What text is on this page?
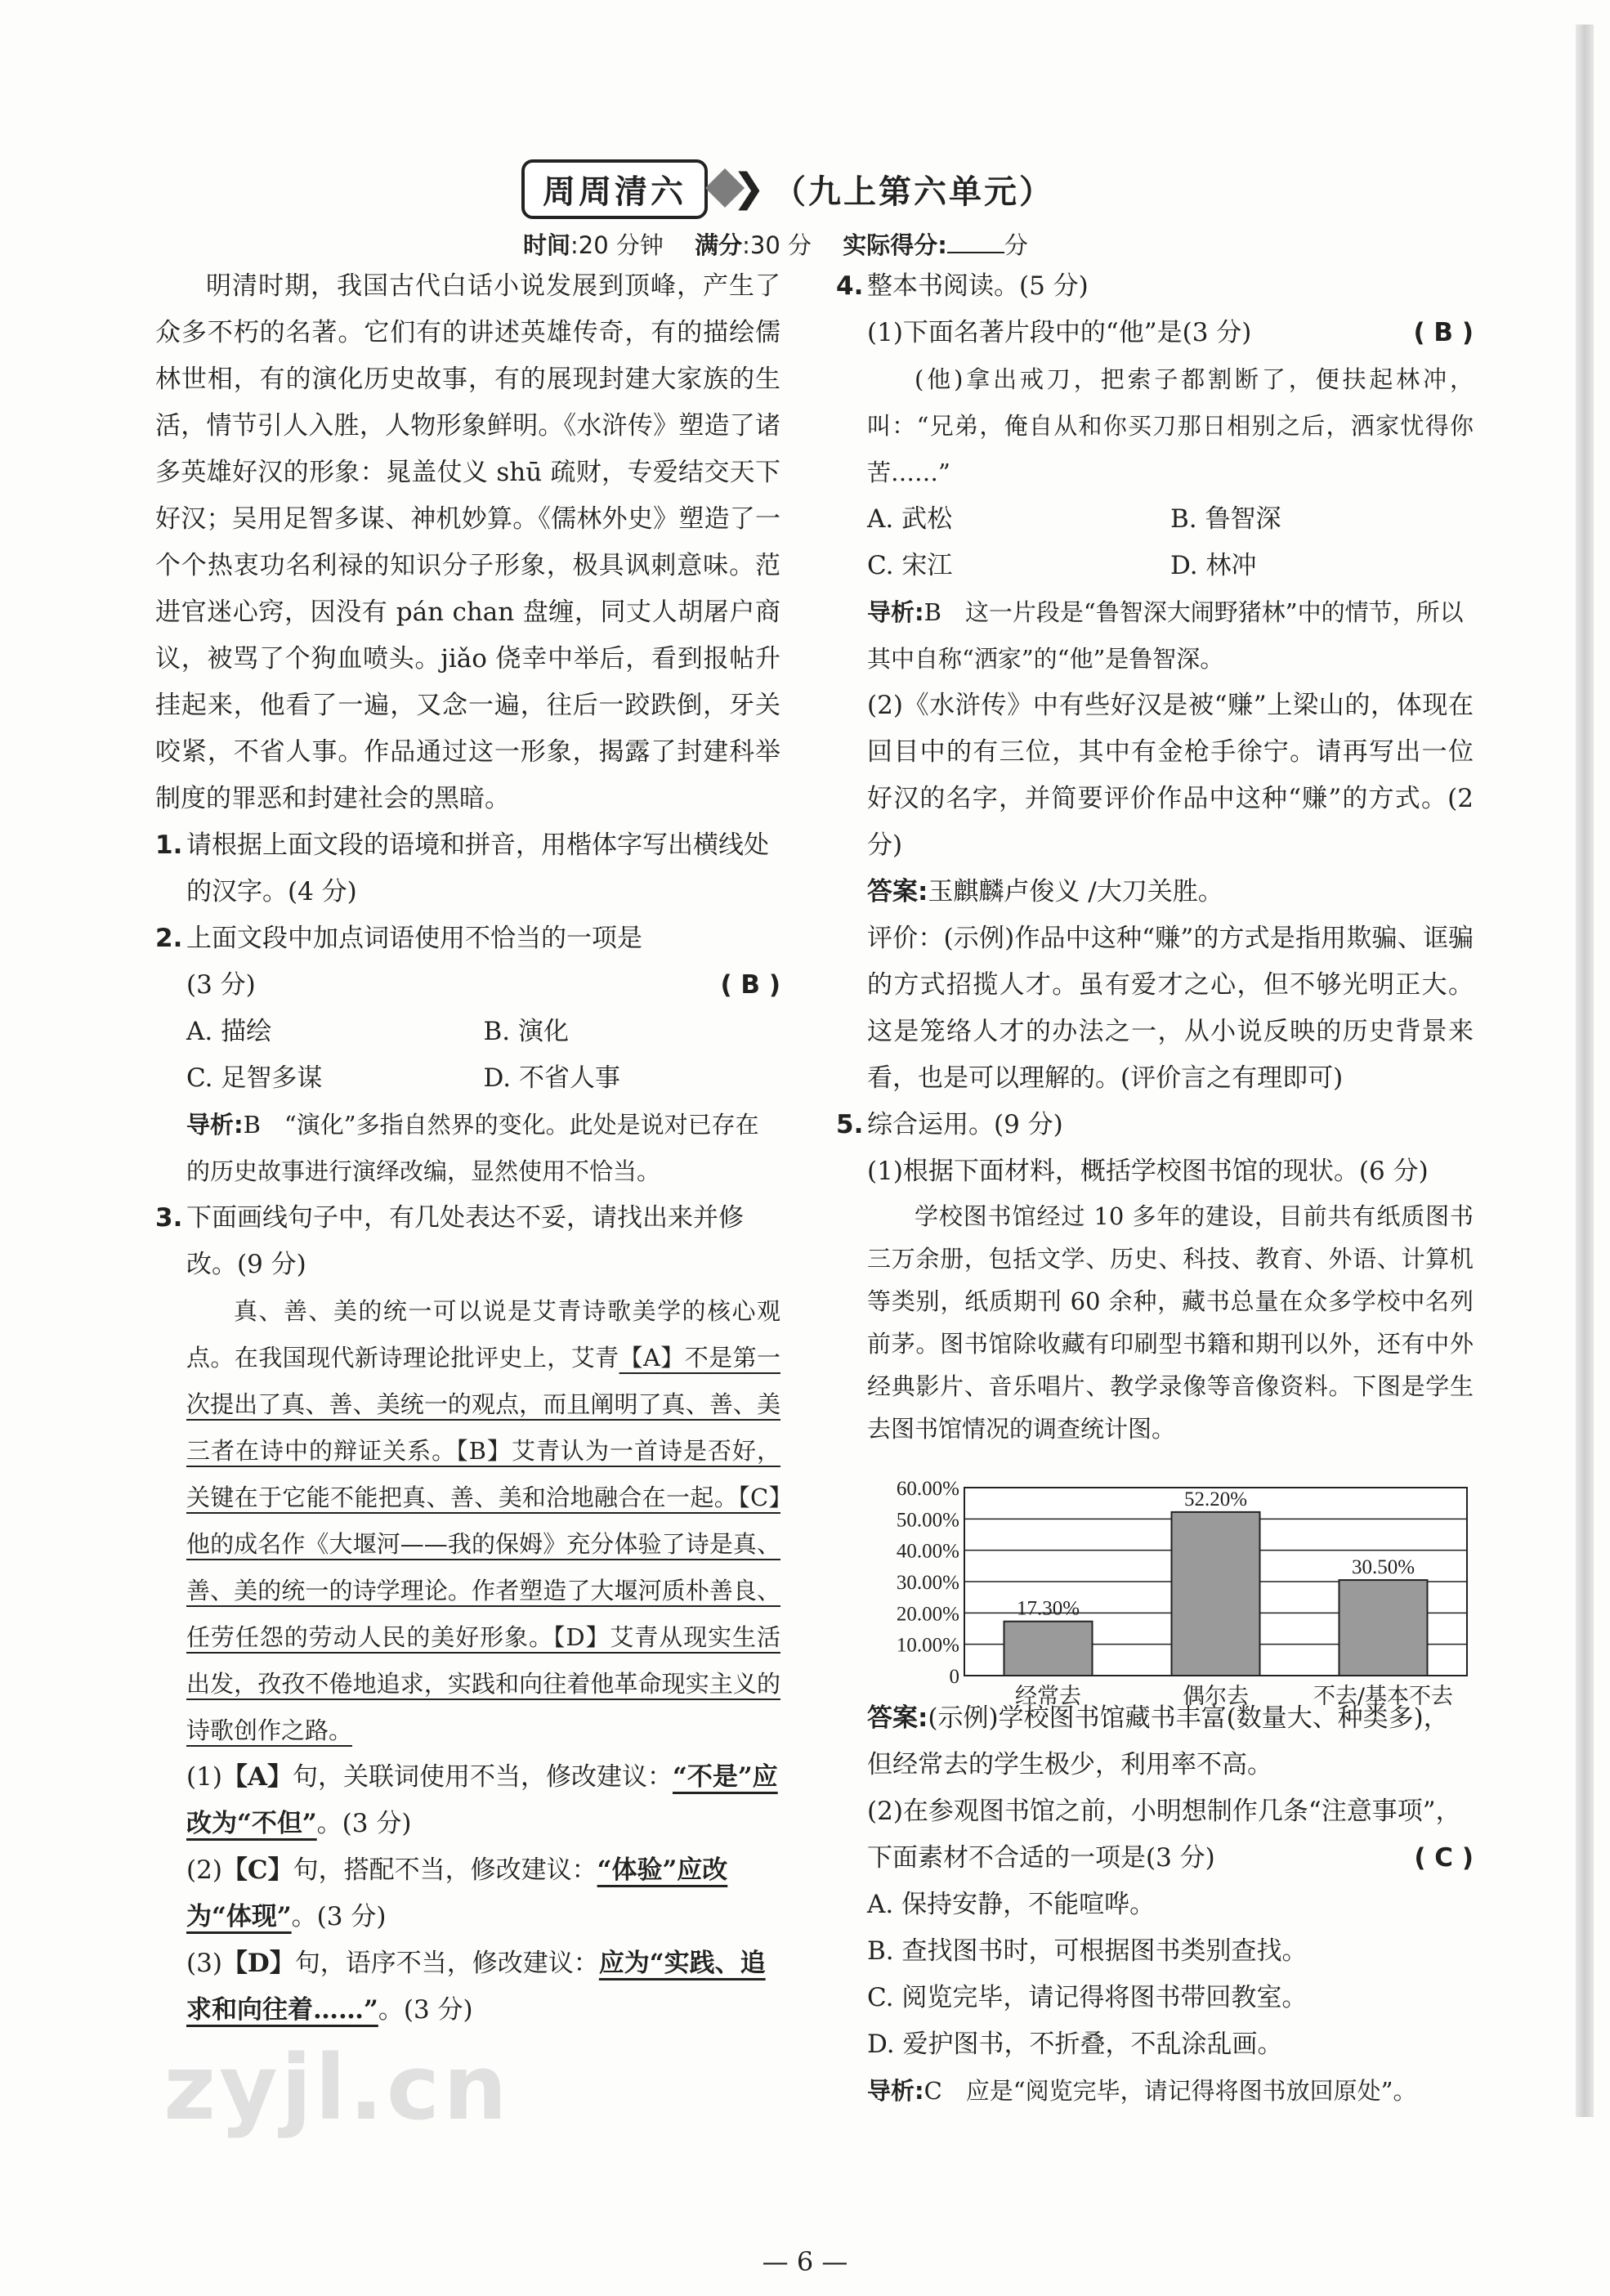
周周清六	❯ （九上第六单元）
时间:20 分钟　 满分:30 分　 实际得分: 分
明清时期，我国古代白话小说发展到顶峰，产生了众多不朽的名著。它们有的讲述英雄传奇，有的描绘儒林世相，有的演化历史故事，有的展现封建大家族的生活，情节引人入胜，人物形象鲜明。《水浒传》塑造了诸多英雄好汉的形象：晁盖仗义 shū 疏财，专爱结交天下好汉；吴用足智多谋、神机妙算。《儒林外史》塑造了一个个热衷功名利禄的知识分子形象，极具讽刺意味。范进官迷心窍，因没有 pán chan 盘缠，同丈人胡屠户商议，被骂了个狗血喷头。jiǎo 侥幸中举后，看到报帖升挂起来，他看了一遍，又念一遍，往后一跤跌倒，牙关咬紧，不省人事。作品通过这一形象，揭露了封建科举制度的罪恶和封建社会的黑暗。
1. 请根据上面文段的语境和拼音，用楷体字写出横线处的汉字。(4 分)
2. 上面文段中加点词语使用不恰当的一项是
(3 分)	( B )
A. 描绘	B. 演化
C. 足智多谋	D. 不省人事
导析:B　“演化”多指自然界的变化。此处是说对已存在的历史故事进行演绎改编，显然使用不恰当。
3. 下面画线句子中，有几处表达不妥，请找出来并修改。(9 分)
真、善、美的统一可以说是艾青诗歌美学的核心观点。在我国现代新诗理论批评史上，艾青【A】不是第一次提出了真、善、美统一的观点，而且阐明了真、善、美三者在诗中的辩证关系。【B】艾青认为一首诗是否好，关键在于它能不能把真、善、美和洽地融合在一起。【C】他的成名作《大堰河——我的保姆》充分体验了诗是真、善、美的统一的诗学理论。作者塑造了大堰河质朴善良、任劳任怨的劳动人民的美好形象。【D】艾青从现实生活出发，孜孜不倦地追求，实践和向往着他革命现实主义的诗歌创作之路。
(1)【A】句，关联词使用不当，修改建议：“不是”应改为“不但”。(3 分)
(2)【C】句，搭配不当，修改建议：“体验”应改为“体现”。(3 分)
(3)【D】句，语序不当，修改建议：应为“实践、追求和向往着……”。(3 分)
4. 整本书阅读。(5 分)
(1)下面名著片段中的“他”是(3 分)	( B )
(他)拿出戒刀，把索子都割断了，便扶起林冲，叫：“兄弟，俺自从和你买刀那日相别之后，洒家忧得你苦……”
A. 武松	B. 鲁智深
C. 宋江	D. 林冲
导析:B　这一片段是“鲁智深大闹野猪林”中的情节，所以其中自称“洒家”的“他”是鲁智深。
(2)《水浒传》中有些好汉是被“赚”上梁山的，体现在回目中的有三位，其中有金枪手徐宁。请再写出一位好汉的名字，并简要评价作品中这种“赚”的方式。(2 分)
答案:玉麒麟卢俊义 /大刀关胜。
评价：(示例)作品中这种“赚”的方式是指用欺骗、诓骗的方式招揽人才。虽有爱才之心，但不够光明正大。这是笼络人才的办法之一，从小说反映的历史背景来看，也是可以理解的。(评价言之有理即可)
5. 综合运用。(9 分)
(1)根据下面材料，概括学校图书馆的现状。(6 分)
学校图书馆经过 10 多年的建设，目前共有纸质图书三万余册，包括文学、历史、科技、教育、外语、计算机等类别，纸质期刊 60 余种，藏书总量在众多学校中名列前茅。图书馆除收藏有印刷型书籍和期刊以外，还有中外经典影片、音乐唱片、教学录像等音像资料。下图是学生去图书馆情况的调查统计图。
答案:(示例)学校图书馆藏书丰富(数量大、种类多)，但经常去的学生极少，利用率不高。
(2)在参观图书馆之前，小明想制作几条“注意事项”，下面素材不合适的一项是(3 分)	( C )
A. 保持安静，不能喧哗。
B. 查找图书时，可根据图书类别查找。
C. 阅览完毕，请记得将图书带回教室。
D. 爱护图书，不折叠，不乱涂乱画。
导析:C　应是“阅览完毕，请记得将图书放回原处”。
0
10.00%
20.00%
30.00%
40.00%
50.00%
60.00%
17.30%
经常去
52.20%
偶尔去
30.50%
不去/基本不去
zyjl.cn
— 6 —
